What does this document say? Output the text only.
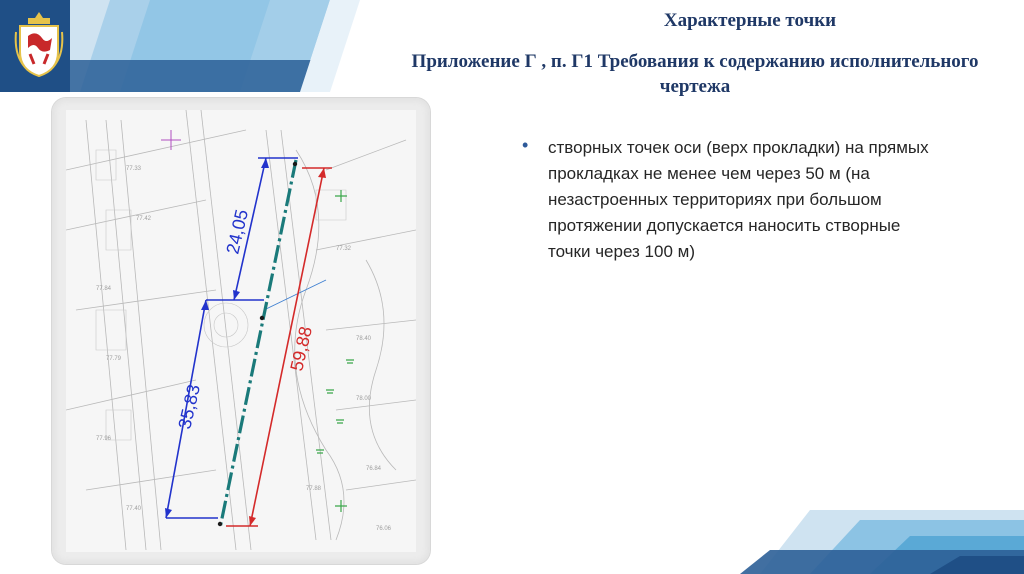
Характерные точки
Приложение Г , п. Г1 Требования к содержанию исполнительного чертежа
77.33
77.42
77.84
77.79
77.96
77.40
77.32
78.40
78.00
76.84
76.06
77.88
24,05
35,83
59,88
• створных точек оси (верх прокладки) на прямых прокладках не менее чем через 50 м (на незастроенных территориях при большом протяжении допускается наносить створные точки через 100 м)
